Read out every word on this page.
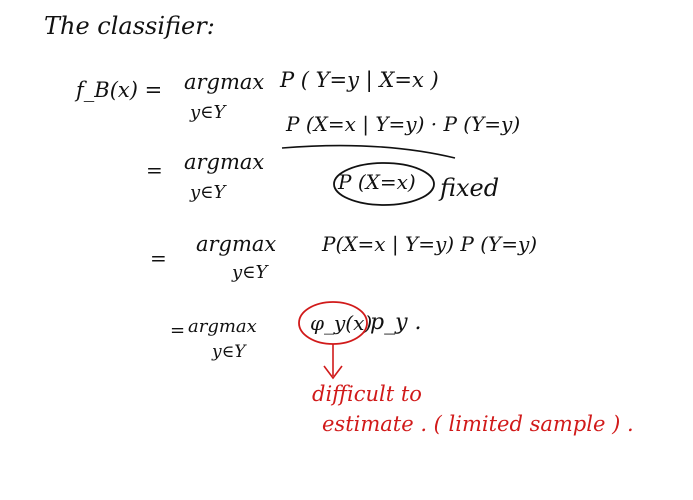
The classifier:
f_B(x) = argmax
y∈Y
P ( Y=y | X=x )
= argmax
y∈Y
P (X=x | Y=y) · P (Y=y)
P (X=x) fixed
=
argmax
y∈Y
P(X=x | Y=y) P (Y=y)
= argmax
y∈Y
φ_y(x)
p_y .
difficult to
estimate . ( limited sample ) .
